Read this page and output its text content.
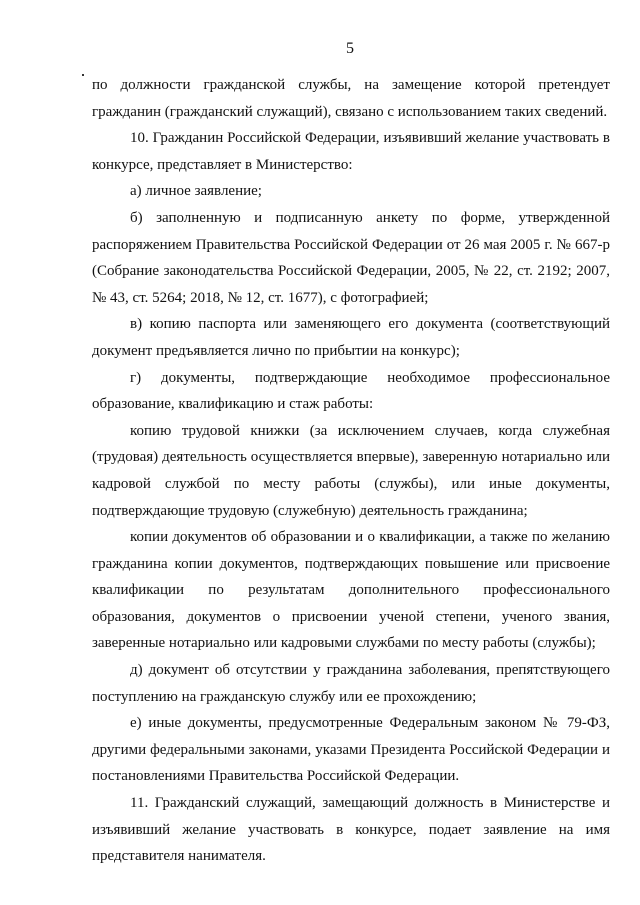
5

по должности гражданской службы, на замещение которой претендует гражданин (гражданский служащий), связано с использованием таких сведений.

10. Гражданин Российской Федерации, изъявивший желание участвовать в конкурсе, представляет в Министерство:

а) личное заявление;

б) заполненную и подписанную анкету по форме, утвержденной распоряжением Правительства Российской Федерации от 26 мая 2005 г. № 667-р (Собрание законодательства Российской Федерации, 2005, № 22, ст. 2192; 2007, № 43, ст. 5264; 2018, № 12, ст. 1677), с фотографией;

в) копию паспорта или заменяющего его документа (соответствующий документ предъявляется лично по прибытии на конкурс);

г) документы, подтверждающие необходимое профессиональное образование, квалификацию и стаж работы:

копию трудовой книжки (за исключением случаев, когда служебная (трудовая) деятельность осуществляется впервые), заверенную нотариально или кадровой службой по месту работы (службы), или иные документы, подтверждающие трудовую (служебную) деятельность гражданина;

копии документов об образовании и о квалификации, а также по желанию гражданина копии документов, подтверждающих повышение или присвоение квалификации по результатам дополнительного профессионального образования, документов о присвоении ученой степени, ученого звания, заверенные нотариально или кадровыми службами по месту работы (службы);

д) документ об отсутствии у гражданина заболевания, препятствующего поступлению на гражданскую службу или ее прохождению;

е) иные документы, предусмотренные Федеральным законом № 79-ФЗ, другими федеральными законами, указами Президента Российской Федерации и постановлениями Правительства Российской Федерации.

11. Гражданский служащий, замещающий должность в Министерстве и изъявивший желание участвовать в конкурсе, подает заявление на имя представителя нанимателя.
